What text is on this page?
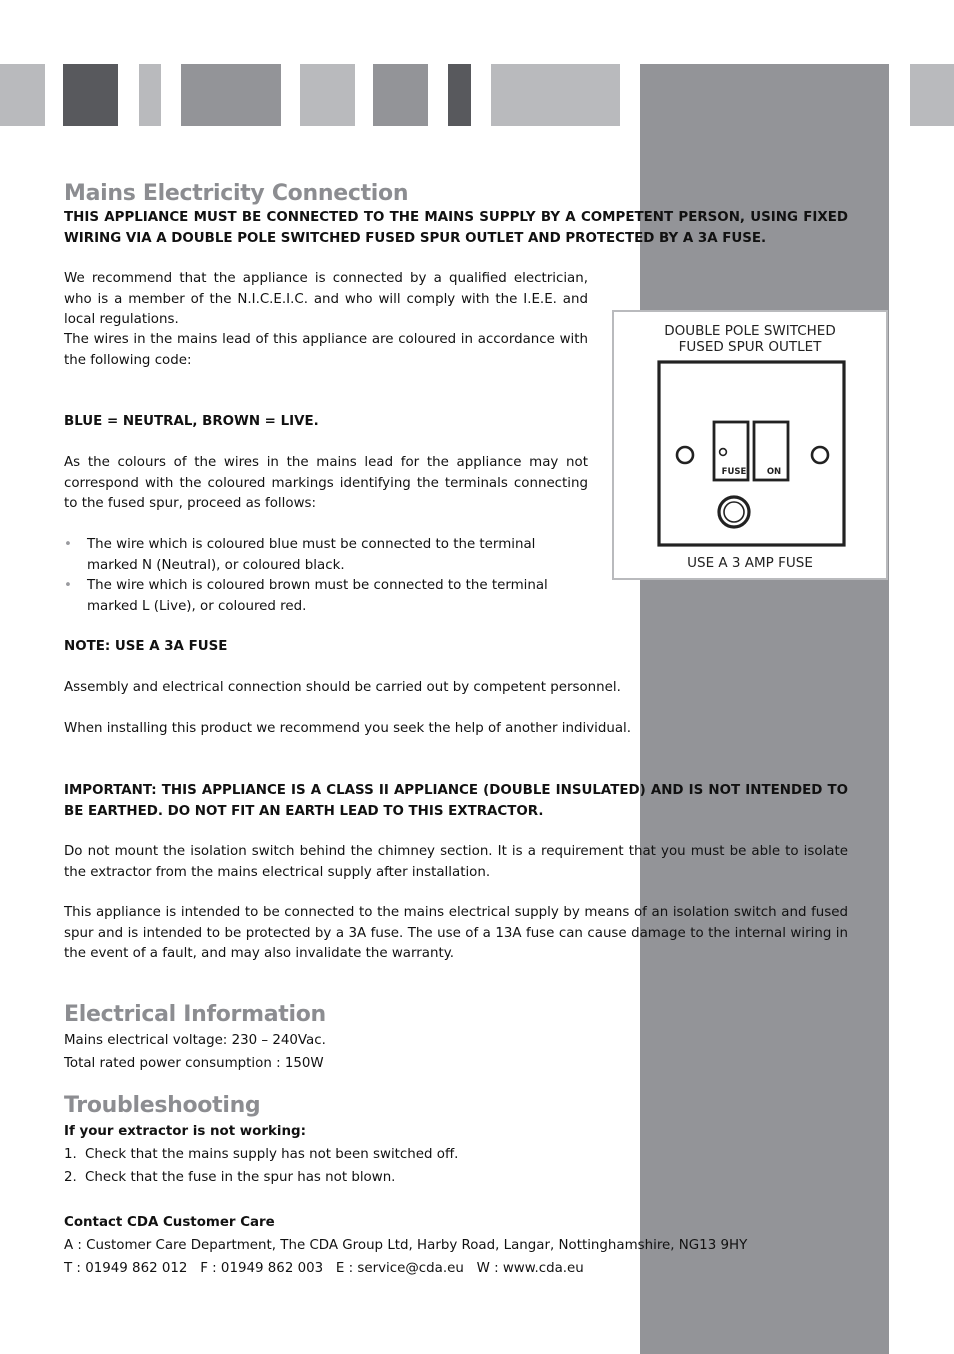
Mains Electricity Connection

THIS APPLIANCE MUST BE CONNECTED TO THE MAINS SUPPLY BY A COMPETENT PERSON, USING FIXED WIRING VIA A DOUBLE POLE SWITCHED FUSED SPUR OUTLET AND PROTECTED BY A 3A FUSE.

We recommend that the appliance is connected by a qualified electrician, who is a member of the N.I.C.E.I.C. and who will comply with the I.E.E. and local regulations.

The wires in the mains lead of this appliance are coloured in accordance with the following code:

BLUE = NEUTRAL, BROWN = LIVE.

As the colours of the wires in the mains lead for the appliance may not correspond with the coloured markings identifying the terminals connecting to the fused spur, proceed as follows:

• The wire which is coloured blue must be connected to the terminal marked N (Neutral), or coloured black.
• The wire which is coloured brown must be connected to the terminal marked L (Live), or coloured red.

NOTE: USE A 3A FUSE

Assembly and electrical connection should be carried out by competent personnel.

When installing this product we recommend you seek the help of another individual.

IMPORTANT: THIS APPLIANCE IS A CLASS II APPLIANCE (DOUBLE INSULATED) AND IS NOT INTENDED TO BE EARTHED. DO NOT FIT AN EARTH LEAD TO THIS EXTRACTOR.

Do not mount the isolation switch behind the chimney section. It is a requirement that you must be able to isolate the extractor from the mains electrical supply after installation.

This appliance is intended to be connected to the mains electrical supply by means of an isolation switch and fused spur and is intended to be protected by a 3A fuse. The use of a 13A fuse can cause damage to the internal wiring in the event of a fault, and may also invalidate the warranty.

DOUBLE POLE SWITCHED
FUSED SPUR OUTLET
FUSE	ON
USE A 3 AMP FUSE
Electrical Information

Mains electrical voltage: 230 – 240Vac.

Total rated power consumption : 150W

Troubleshooting

If your extractor is not working:

1. Check that the mains supply has not been switched off.
2. Check that the fuse in the spur has not blown.

Contact CDA Customer Care

A : Customer Care Department, The CDA Group Ltd, Harby Road, Langar, Nottinghamshire, NG13 9HY

T : 01949 862 012   F : 01949 862 003   E : service@cda.eu   W : www.cda.eu
